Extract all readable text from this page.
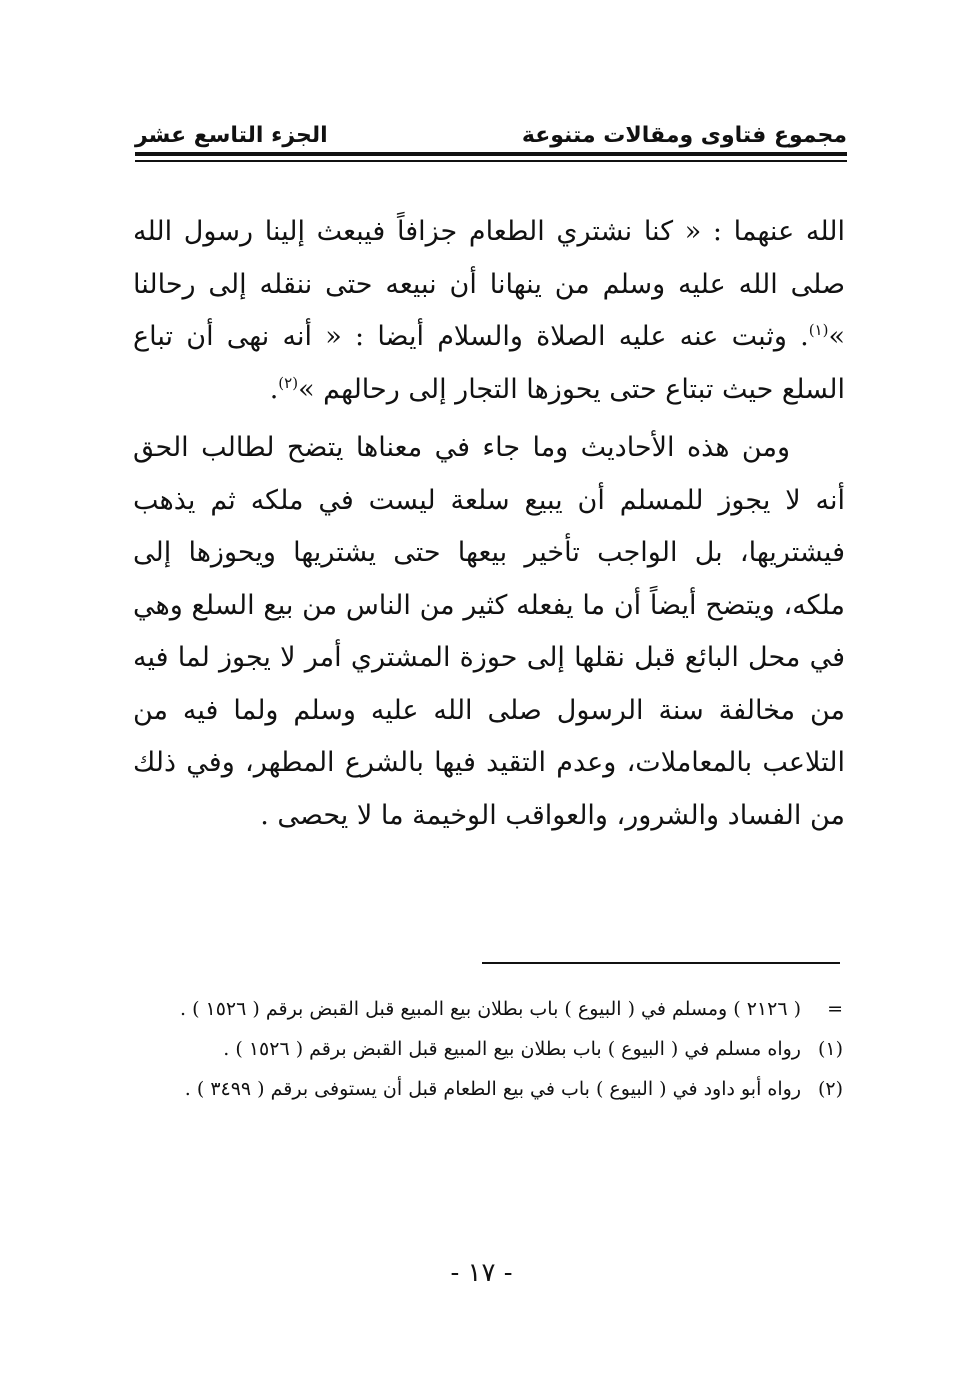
مجموع فتاوى ومقالات متنوعة
الجزء التاسع عشر

الله عنهما : « كنا نشتري الطعام جزافاً فيبعث إلينا رسول الله صلى الله عليه وسلم من ينهانا أن نبيعه حتى ننقله إلى رحالنا »$^{(١)}$. وثبت عنه عليه الصلاة والسلام أيضا : « أنه نهى أن تباع السلع حيث تبتاع حتى يحوزها التجار إلى رحالهم »$^{(٢)}$.

ومن هذه الأحاديث وما جاء في معناها يتضح لطالب الحق أنه لا يجوز للمسلم أن يبيع سلعة ليست في ملكه ثم يذهب فيشتريها، بل الواجب تأخير بيعها حتى يشتريها ويحوزها إلى ملكه، ويتضح أيضاً أن ما يفعله كثير من الناس من بيع السلع وهي في محل البائع قبل نقلها إلى حوزة المشتري أمر لا يجوز لما فيه من مخالفة سنة الرسول صلى الله عليه وسلم ولما فيه من التلاعب بالمعاملات، وعدم التقيد فيها بالشرع المطهر، وفي ذلك من الفساد والشرور، والعواقب الوخيمة ما لا يحصى .

=
( ٢١٢٦ ) ومسلم في ( البيوع ) باب بطلان بيع المبيع قبل القبض برقم ( ١٥٢٦ ) .
(١)
رواه مسلم في ( البيوع ) باب بطلان بيع المبيع قبل القبض برقم ( ١٥٢٦ ) .
(٢)
رواه أبو داود في ( البيوع ) باب في بيع الطعام قبل أن يستوفى برقم ( ٣٤٩٩ ) .
- ١٧ -
